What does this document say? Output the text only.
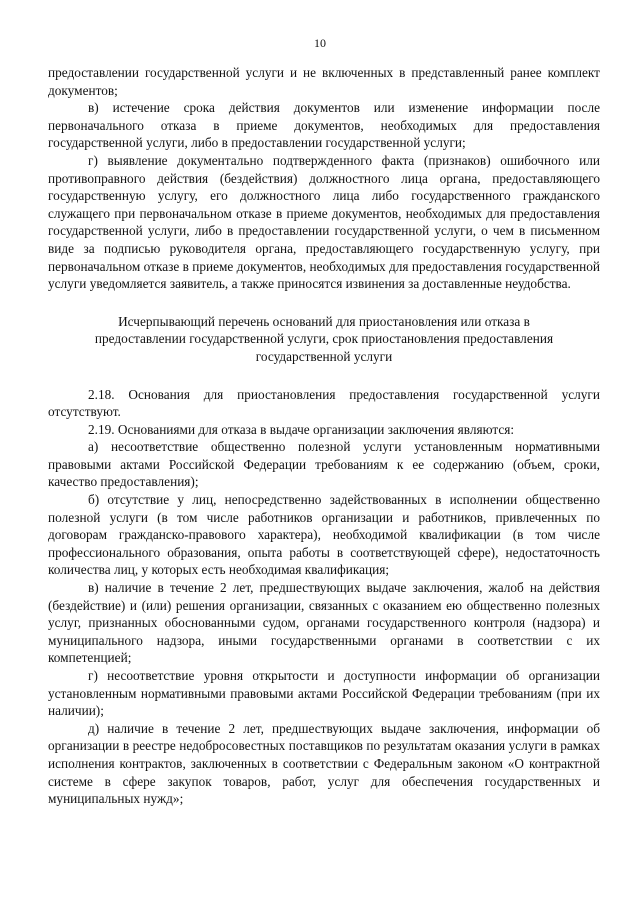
10

предоставлении государственной услуги и не включенных в представленный ранее комплект документов;

в) истечение срока действия документов или изменение информации после первоначального отказа в приеме документов, необходимых для предоставления государственной услуги, либо в предоставлении государственной услуги;

г) выявление документально подтвержденного факта (признаков) ошибочного или противоправного действия (бездействия) должностного лица органа, предоставляющего государственную услугу, его должностного лица либо государственного гражданского служащего при первоначальном отказе в приеме документов, необходимых для предоставления государственной услуги, либо в предоставлении государственной услуги, о чем в письменном виде за подписью руководителя органа, предоставляющего государственную услугу, при первоначальном отказе в приеме документов, необходимых для предоставления государственной услуги уведомляется заявитель, а также приносятся извинения за доставленные неудобства.

Исчерпывающий перечень оснований для приостановления или отказа в
предоставлении государственной услуги, срок приостановления предоставления
государственной услуги

2.18. Основания для приостановления предоставления государственной услуги отсутствуют.

2.19. Основаниями для отказа в выдаче организации заключения являются:

а) несоответствие общественно полезной услуги установленным нормативными правовыми актами Российской Федерации требованиям к ее содержанию (объем, сроки, качество предоставления);

б) отсутствие у лиц, непосредственно задействованных в исполнении общественно полезной услуги (в том числе работников организации и работников, привлеченных по договорам гражданско-правового характера), необходимой квалификации (в том числе профессионального образования, опыта работы в соответствующей сфере), недостаточность количества лиц, у которых есть необходимая квалификация;

в) наличие в течение 2 лет, предшествующих выдаче заключения, жалоб на действия (бездействие) и (или) решения организации, связанных с оказанием ею общественно полезных услуг, признанных обоснованными судом, органами государственного контроля (надзора) и муниципального надзора, иными государственными органами в соответствии с их компетенцией;

г) несоответствие уровня открытости и доступности информации об организации установленным нормативными правовыми актами Российской Федерации требованиям (при их наличии);

д) наличие в течение 2 лет, предшествующих выдаче заключения, информации об организации в реестре недобросовестных поставщиков по результатам оказания услуги в рамках исполнения контрактов, заключенных в соответствии с Федеральным законом «О контрактной системе в сфере закупок товаров, работ, услуг для обеспечения государственных и муниципальных нужд»;
